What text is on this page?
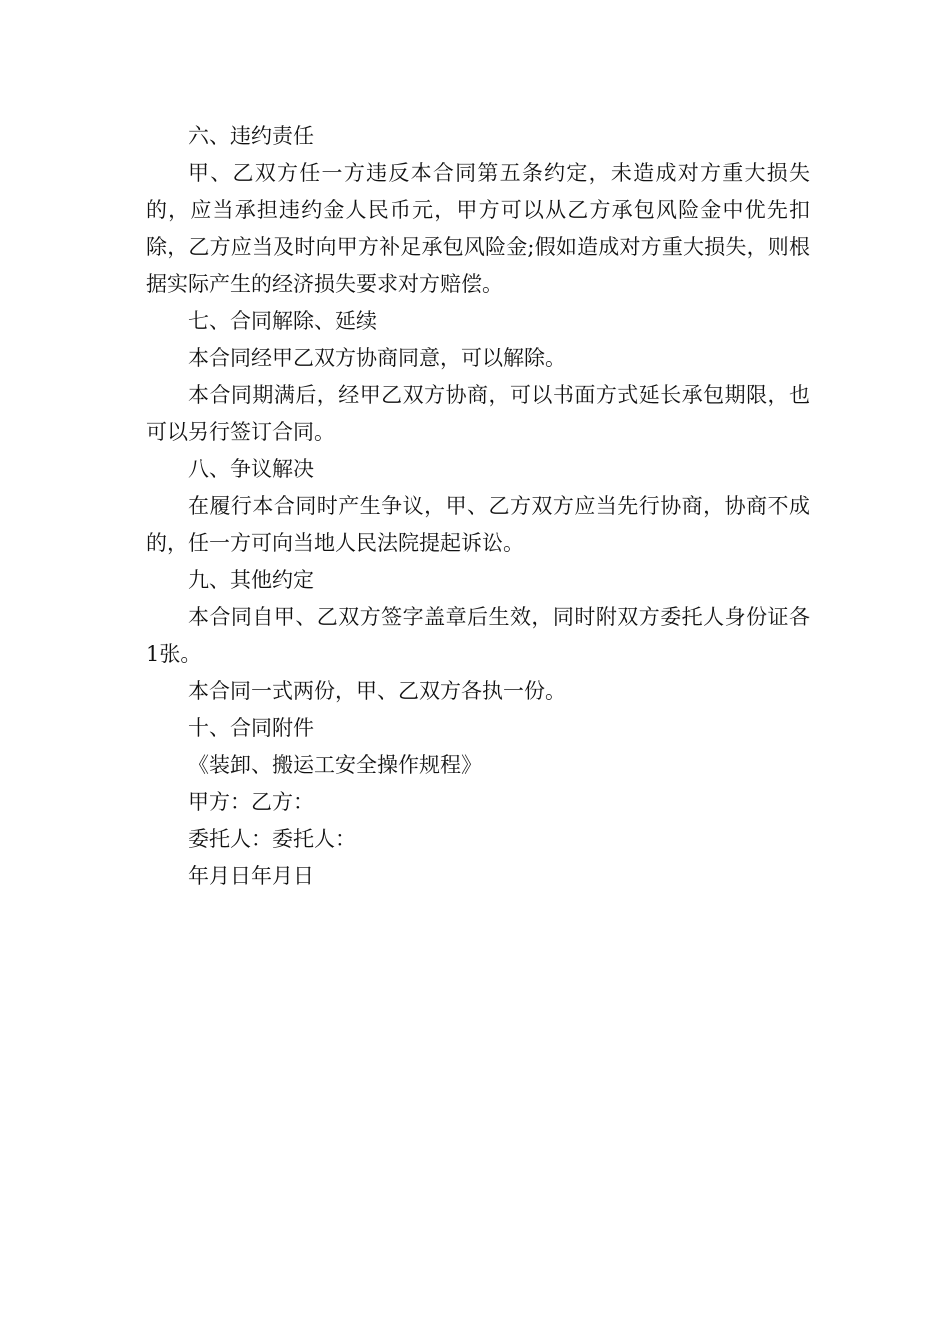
六、违约责任

甲、乙双方任一方违反本合同第五条约定，未造成对方重大损失的，应当承担违约金人民币元，甲方可以从乙方承包风险金中优先扣除，乙方应当及时向甲方补足承包风险金;假如造成对方重大损失，则根据实际产生的经济损失要求对方赔偿。

七、合同解除、延续

本合同经甲乙双方协商同意，可以解除。

本合同期满后，经甲乙双方协商，可以书面方式延长承包期限，也可以另行签订合同。

八、争议解决

在履行本合同时产生争议，甲、乙方双方应当先行协商，协商不成的，任一方可向当地人民法院提起诉讼。

九、其他约定

本合同自甲、乙双方签字盖章后生效，同时附双方委托人身份证各1张。

本合同一式两份，甲、乙双方各执一份。

十、合同附件

《装卸、搬运工安全操作规程》

甲方：乙方：

委托人：委托人：

年月日年月日
